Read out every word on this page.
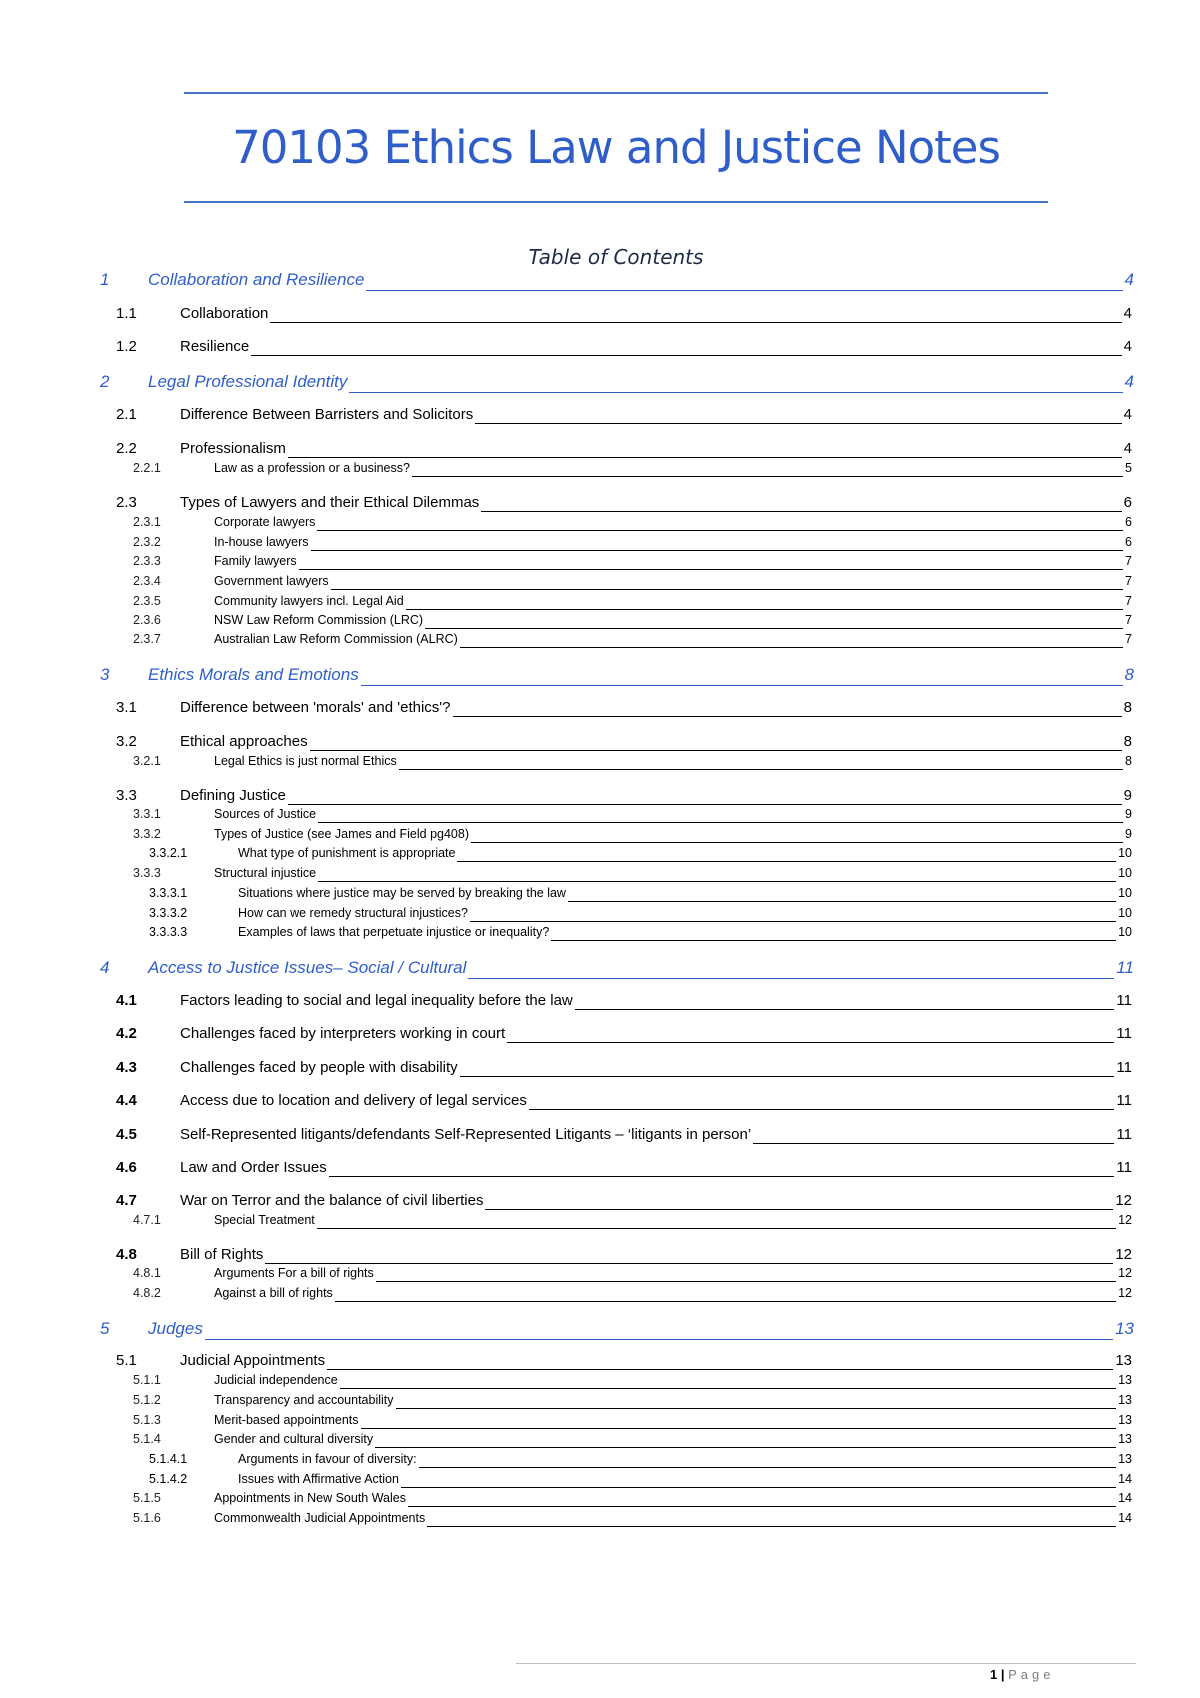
70103 Ethics Law and Justice Notes
Table of Contents
1 Collaboration and Resilience	4
1.1	Collaboration	4
1.2	Resilience	4
2 Legal Professional Identity	4
2.1	Difference Between Barristers and Solicitors	4
2.2	Professionalism	4
2.2.1	Law as a profession or a business?	5
2.3	Types of Lawyers and their Ethical Dilemmas	6
2.3.1	Corporate lawyers	6
2.3.2	In-house lawyers	6
2.3.3	Family lawyers	7
2.3.4	Government lawyers	7
2.3.5	Community lawyers incl. Legal Aid	7
2.3.6	NSW Law Reform Commission (LRC)	7
2.3.7	Australian Law Reform Commission (ALRC)	7
3 Ethics Morals and Emotions	8
3.1	Difference between 'morals' and 'ethics'?	8
3.2	Ethical approaches	8
3.2.1	Legal Ethics is just normal Ethics	8
3.3	Defining Justice	9
3.3.1	Sources of Justice	9
3.3.2	Types of Justice (see James and Field pg408)	9
3.3.2.1	What type of punishment is appropriate	10
3.3.3	Structural injustice	10
3.3.3.1	Situations where justice may be served by breaking the law	10
3.3.3.2	How can we remedy structural injustices?	10
3.3.3.3	Examples of laws that perpetuate injustice or inequality?	10
4 Access to Justice Issues– Social / Cultural	11
4.1	Factors leading to social and legal inequality before the law	11
4.2	Challenges faced by interpreters working in court	11
4.3	Challenges faced by people with disability	11
4.4	Access due to location and delivery of legal services	11
4.5	Self-Represented litigants/defendants Self-Represented Litigants – ‘litigants in person’	11
4.6	Law and Order Issues	11
4.7	War on Terror and the balance of civil liberties	12
4.7.1	Special Treatment	12
4.8	Bill of Rights	12
4.8.1	Arguments For a bill of rights	12
4.8.2	Against a bill of rights	12
5 Judges	13
5.1	Judicial Appointments	13
5.1.1	Judicial independence	13
5.1.2	Transparency and accountability	13
5.1.3	Merit-based appointments	13
5.1.4	Gender and cultural diversity	13
5.1.4.1	Arguments in favour of diversity:	13
5.1.4.2	Issues with Affirmative Action	14
5.1.5	Appointments in New South Wales	14
5.1.6	Commonwealth Judicial Appointments	14
1 | Page
